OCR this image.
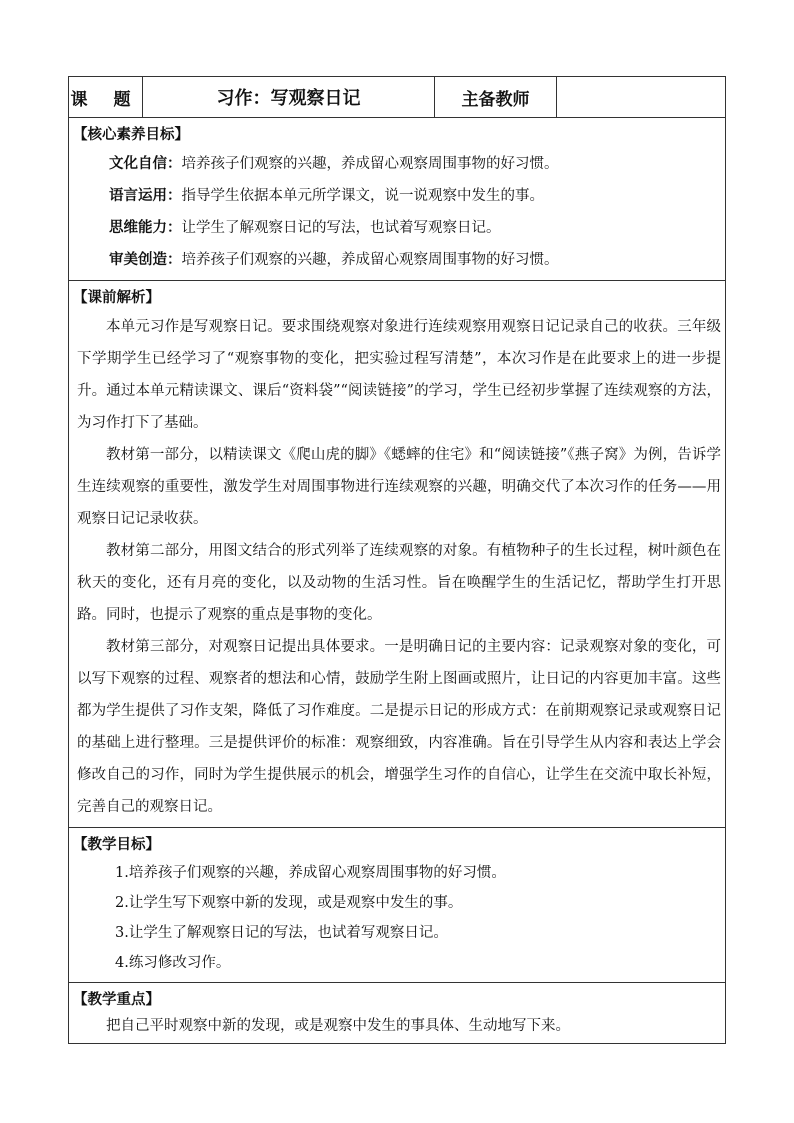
课 题	习作：写观察日记	主备教师	

【核心素养目标】
文化自信：培养孩子们观察的兴趣，养成留心观察周围事物的好习惯。
语言运用：指导学生依据本单元所学课文，说一说观察中发生的事。
思维能力：让学生了解观察日记的写法，也试着写观察日记。
审美创造：培养孩子们观察的兴趣，养成留心观察周围事物的好习惯。

【课前解析】

本单元习作是写观察日记。要求围绕观察对象进行连续观察用观察日记记录自己的收获。三年级下学期学生已经学习了“观察事物的变化，把实验过程写清楚”，本次习作是在此要求上的进一步提升。通过本单元精读课文、课后“资料袋”“阅读链接”的学习，学生已经初步掌握了连续观察的方法，为习作打下了基础。

教材第一部分，以精读课文《爬山虎的脚》《蟋蟀的住宅》和“阅读链接”《燕子窝》为例，告诉学生连续观察的重要性，激发学生对周围事物进行连续观察的兴趣，明确交代了本次习作的任务——用观察日记记录收获。

教材第二部分，用图文结合的形式列举了连续观察的对象。有植物种子的生长过程，树叶颜色在秋天的变化，还有月亮的变化，以及动物的生活习性。旨在唤醒学生的生活记忆，帮助学生打开思路。同时，也提示了观察的重点是事物的变化。

教材第三部分，对观察日记提出具体要求。一是明确日记的主要内容：记录观察对象的变化，可以写下观察的过程、观察者的想法和心情，鼓励学生附上图画或照片，让日记的内容更加丰富。这些都为学生提供了习作支架，降低了习作难度。二是提示日记的形成方式：在前期观察记录或观察日记的基础上进行整理。三是提供评价的标准：观察细致，内容准确。旨在引导学生从内容和表达上学会修改自己的习作，同时为学生提供展示的机会，增强学生习作的自信心，让学生在交流中取长补短，完善自己的观察日记。

【教学目标】
1.培养孩子们观察的兴趣，养成留心观察周围事物的好习惯。
2.让学生写下观察中新的发现，或是观察中发生的事。
3.让学生了解观察日记的写法，也试着写观察日记。
4.练习修改习作。

【教学重点】

把自己平时观察中新的发现，或是观察中发生的事具体、生动地写下来。
